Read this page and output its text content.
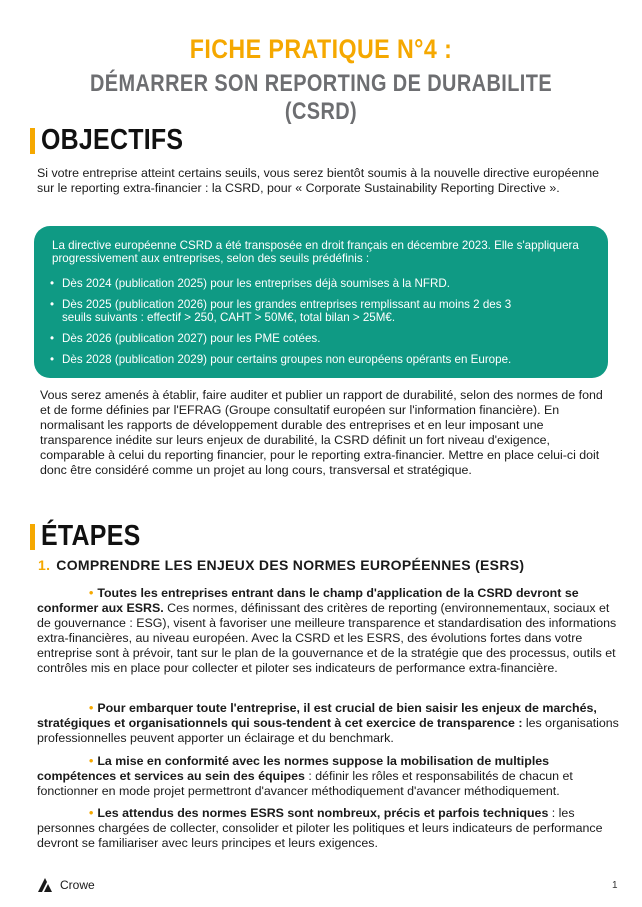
FICHE PRATIQUE N°4 :
DÉMARRER SON REPORTING DE DURABILITE (CSRD)
OBJECTIFS
Si votre entreprise atteint certains seuils, vous serez bientôt soumis à la nouvelle directive européenne sur le reporting extra-financier : la CSRD, pour « Corporate Sustainability Reporting Directive ».
La directive européenne CSRD a été transposée en droit français en décembre 2023. Elle s'appliquera progressivement aux entreprises, selon des seuils prédéfinis :
• Dès 2024 (publication 2025) pour les entreprises déjà soumises à la NFRD.
• Dès 2025 (publication 2026) pour les grandes entreprises remplissant au moins 2 des 3 seuils suivants : effectif > 250, CAHT > 50M€, total bilan > 25M€.
• Dès 2026 (publication 2027) pour les PME cotées.
• Dès 2028 (publication 2029) pour certains groupes non européens opérants en Europe.
Vous serez amenés à établir, faire auditer et publier un rapport de durabilité, selon des normes de fond et de forme définies par l'EFRAG (Groupe consultatif européen sur l'information financière). En normalisant les rapports de développement durable des entreprises et en leur imposant une transparence inédite sur leurs enjeux de durabilité, la CSRD définit un fort niveau d'exigence, comparable à celui du reporting financier, pour le reporting extra-financier. Mettre en place celui-ci doit donc être considéré comme un projet au long cours, transversal et stratégique.
ÉTAPES
1. COMPRENDRE LES ENJEUX DES NORMES EUROPÉENNES (ESRS)
• Toutes les entreprises entrant dans le champ d'application de la CSRD devront se conformer aux ESRS. Ces normes, définissant des critères de reporting (environnementaux, sociaux et de gouvernance : ESG), visent à favoriser une meilleure transparence et standardisation des informations extra-financières, au niveau européen. Avec la CSRD et les ESRS, des évolutions fortes dans votre entreprise sont à prévoir, tant sur le plan de la gouvernance et de la stratégie que des processus, outils et contrôles mis en place pour collecter et piloter ses indicateurs de performance extra-financière.
• Pour embarquer toute l'entreprise, il est crucial de bien saisir les enjeux de marchés, stratégiques et organisationnels qui sous-tendent à cet exercice de transparence : les organisations professionnelles peuvent apporter un éclairage et du benchmark.
• La mise en conformité avec les normes suppose la mobilisation de multiples compétences et services au sein des équipes : définir les rôles et responsabilités de chacun et fonctionner en mode projet permettront d'avancer méthodiquement d'avancer méthodiquement.
• Les attendus des normes ESRS sont nombreux, précis et parfois techniques : les personnes chargées de collecter, consolider et piloter les politiques et leurs indicateurs de performance devront se familiariser avec leurs principes et leurs exigences.
Crowe	1
